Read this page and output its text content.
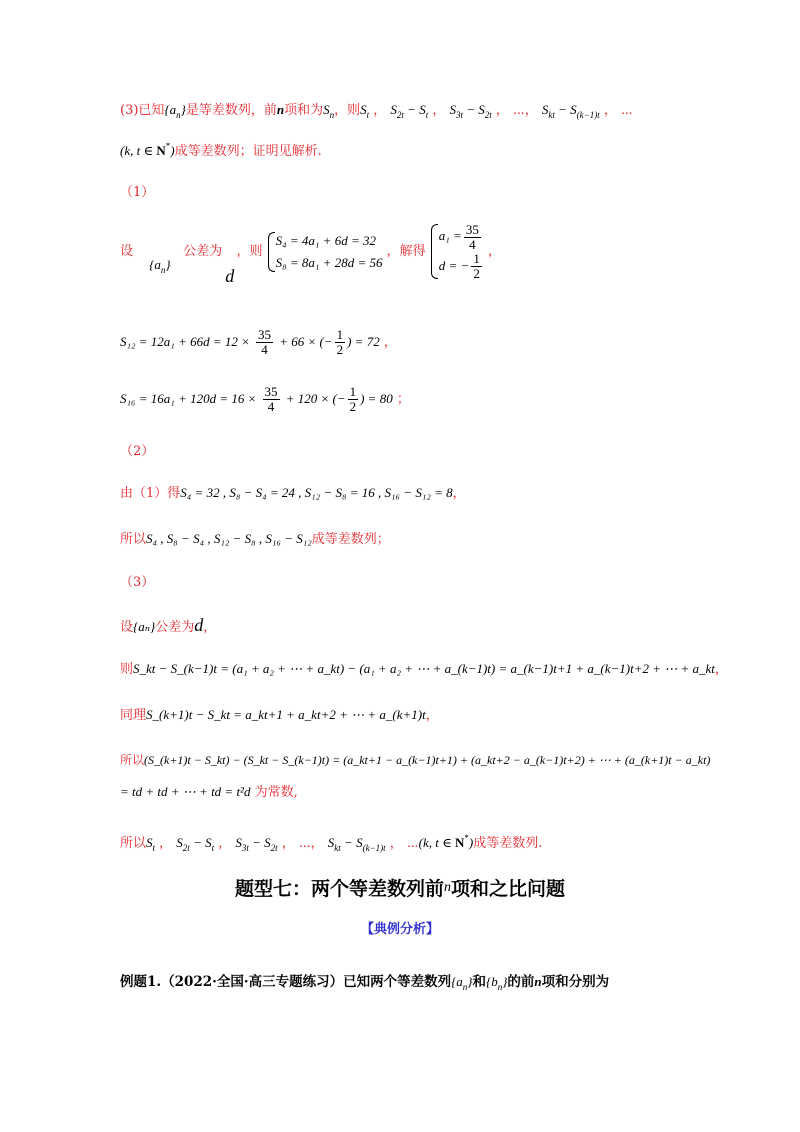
(3)已知$\{a_n\}$是等差数列，前n项和为$S_n$，则$S_t$ ， $S_{2t} - S_t$ ， $S_{3t} - S_{2t}$ ， ⋯， $S_{kt} - S_{(k-1)t}$ ， ⋯
(k, t ∈ N*)成等差数列；证明见解析.
（1）
设
$\{a_n\}$
公差为
d
，则
S₄ = 4a₁ + 6d = 32
S₈ = 8a₁ + 28d = 56
，解得
$a_1 = \frac{35}{4}$
d = − $\frac{1}{2}$
，
$S_{12} = 12a_1 + 66d = 12 \times \frac{35}{4} + 66$ × (− $\frac{1}{2}$ ) = 72 ，
$S_{16} = 16a_1 + 120d = 16 \times \frac{35}{4} + 120$ × (− $\frac{1}{2}$ ) = 80 ；
（2）
由（1）得S₄ = 32 , S₈ − S₄ = 24 , S₁₂ − S₈ = 16 , S₁₆ − S₁₂ = 8，
所以S₄ , S₈ − S₄ , S₁₂ − S₈ , S₁₆ − S₁₂成等差数列；
（3）
设{aₙ}公差为d，
则S_kt − S_(k−1)t = (a₁ + a₂ + ⋯ + a_kt) − (a₁ + a₂ + ⋯ + a_(k−1)t) = a_(k−1)t+1 + a_(k−1)t+2 + ⋯ + a_kt，
同理S_(k+1)t − S_kt = a_kt+1 + a_kt+2 + ⋯ + a_(k+1)t，
所以(S_(k+1)t − S_kt) − (S_kt − S_(k−1)t) = (a_kt+1 − a_(k−1)t+1) + (a_kt+2 − a_(k−1)t+2) + ⋯ + (a_(k+1)t − a_kt)
= td + td + ⋯ + td = t²d 为常数,
所以$S_t$ ， $S_{2t} - S_t$ ， $S_{3t} - S_{2t}$ ， ⋯， $S_{kt} - S_{(k-1)t}$ ， ⋯(k, t ∈ N*)成等差数列.
题型七：两个等差数列前$^n$项和之比问题
【典例分析】
例题1.（2022·全国·高三专题练习）已知两个等差数列$\{a_n\}$和$\{b_n\}$的前n项和分别为
